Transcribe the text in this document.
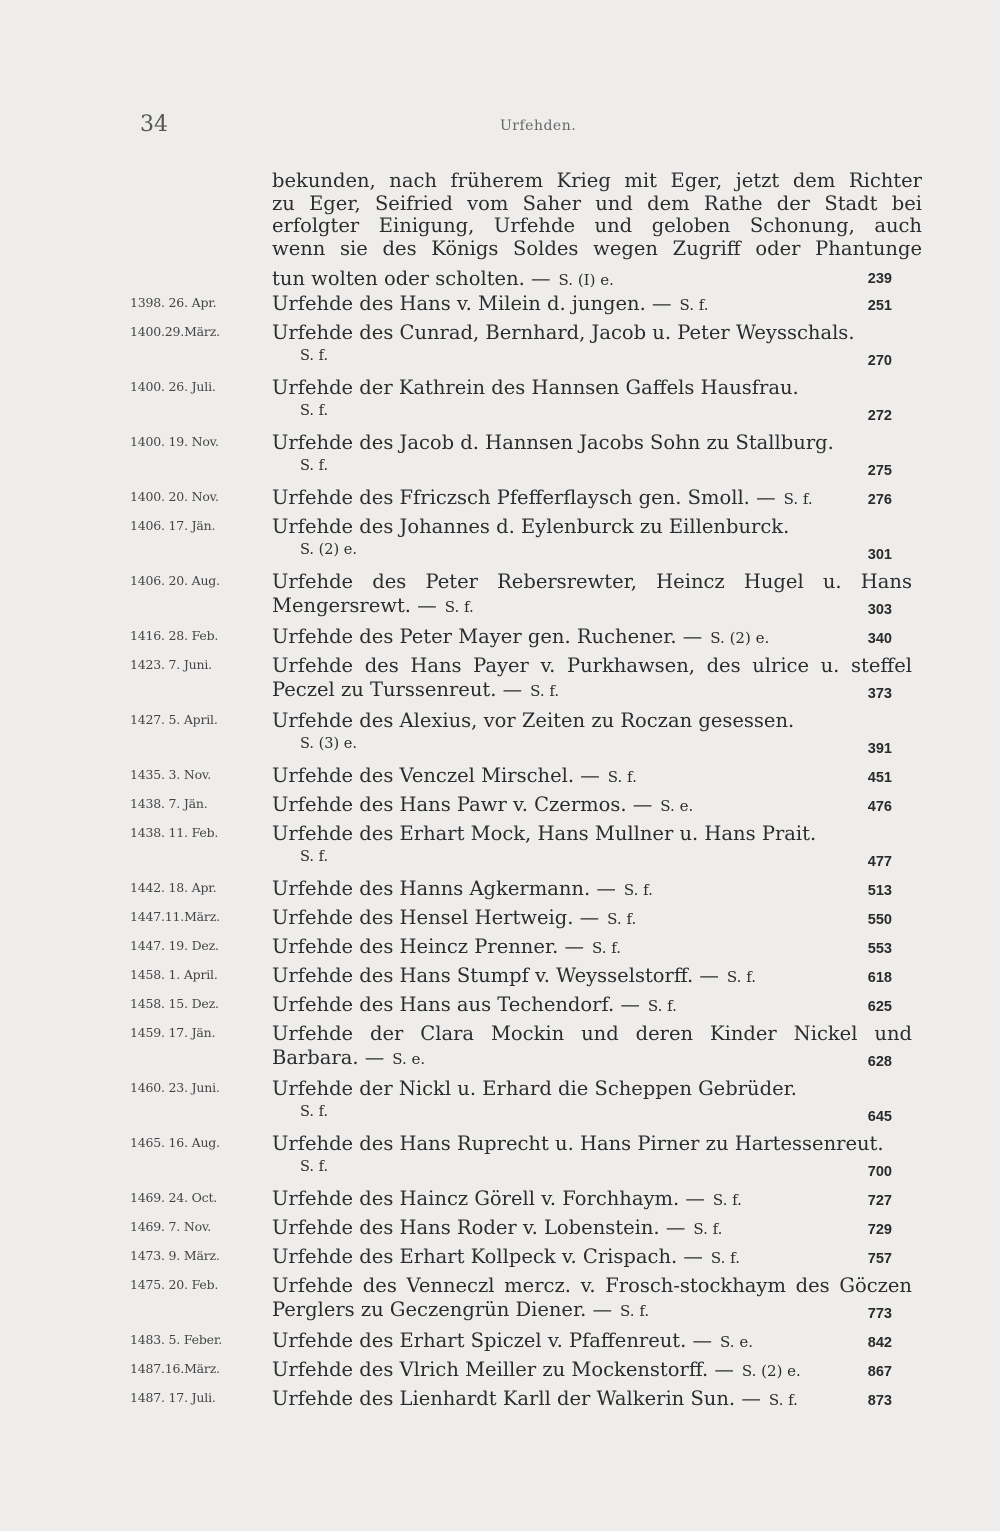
34	Urfehden.
bekunden, nach früherem Krieg mit Eger, jetzt dem Richter
zu Eger, Seifried vom Saher und dem Rathe der Stadt bei
erfolgter Einigung, Urfehde und geloben Schonung, auch
wenn sie des Königs Soldes wegen Zugriff oder Phantunge
tun wolten oder scholten. — S. (I) e.	239
1398. 26. Apr.	Urfehde des Hans v. Milein d. jungen. — S. f.	251
1400.29.März.	Urfehde des Cunrad, Bernhard, Jacob u. Peter Weysschals.
S. f.	270
1400. 26. Juli.	Urfehde der Kathrein des Hannsen Gaffels Hausfrau.
S. f.	272
1400. 19. Nov.	Urfehde des Jacob d. Hannsen Jacobs Sohn zu Stallburg.
S. f.	275
1400. 20. Nov.	Urfehde des Ffriczsch Pfefferflaysch gen. Smoll. — S. f.	276
1406. 17. Jän.	Urfehde des Johannes d. Eylenburck zu Eillenburck.
S. (2) e.	301
1406. 20. Aug.	Urfehde des Peter Rebersrewter, Heincz Hugel u. Hans
Mengersrewt. — S. f.	303
1416. 28. Feb.	Urfehde des Peter Mayer gen. Ruchener. — S. (2) e.	340
1423. 7. Juni.	Urfehde des Hans Payer v. Purkhawsen, des ulrice u. steffel
Peczel zu Turssenreut. — S. f.	373
1427. 5. April.	Urfehde des Alexius, vor Zeiten zu Roczan gesessen.
S. (3) e.	391
1435. 3. Nov.	Urfehde des Venczel Mirschel. — S. f.	451
1438. 7. Jän.	Urfehde des Hans Pawr v. Czermos. — S. e.	476
1438. 11. Feb.	Urfehde des Erhart Mock, Hans Mullner u. Hans Prait.
S. f.	477
1442. 18. Apr.	Urfehde des Hanns Agkermann. — S. f.	513
1447.11.März.	Urfehde des Hensel Hertweig. — S. f.	550
1447. 19. Dez.	Urfehde des Heincz Prenner. — S. f.	553
1458. 1. April.	Urfehde des Hans Stumpf v. Weysselstorff. — S. f.	618
1458. 15. Dez.	Urfehde des Hans aus Techendorf. — S. f.	625
1459. 17. Jän.	Urfehde der Clara Mockin und deren Kinder Nickel und
Barbara. — S. e.	628
1460. 23. Juni.	Urfehde der Nickl u. Erhard die Scheppen Gebrüder.
S. f.	645
1465. 16. Aug.	Urfehde des Hans Ruprecht u. Hans Pirner zu Hartessenreut.
S. f.	700
1469. 24. Oct.	Urfehde des Haincz Görell v. Forchhaym. — S. f.	727
1469. 7. Nov.	Urfehde des Hans Roder v. Lobenstein. — S. f.	729
1473. 9. März.	Urfehde des Erhart Kollpeck v. Crispach. — S. f.	757
1475. 20. Feb.	Urfehde des Venneczl mercz. v. Frosch-stockhaym des Göczen
Perglers zu Geczengrün Diener. — S. f.	773
1483. 5. Feber.	Urfehde des Erhart Spiczel v. Pfaffenreut. — S. e.	842
1487.16.März.	Urfehde des Vlrich Meiller zu Mockenstorff. — S. (2) e.	867
1487. 17. Juli.	Urfehde des Lienhardt Karll der Walkerin Sun. — S. f.	873
